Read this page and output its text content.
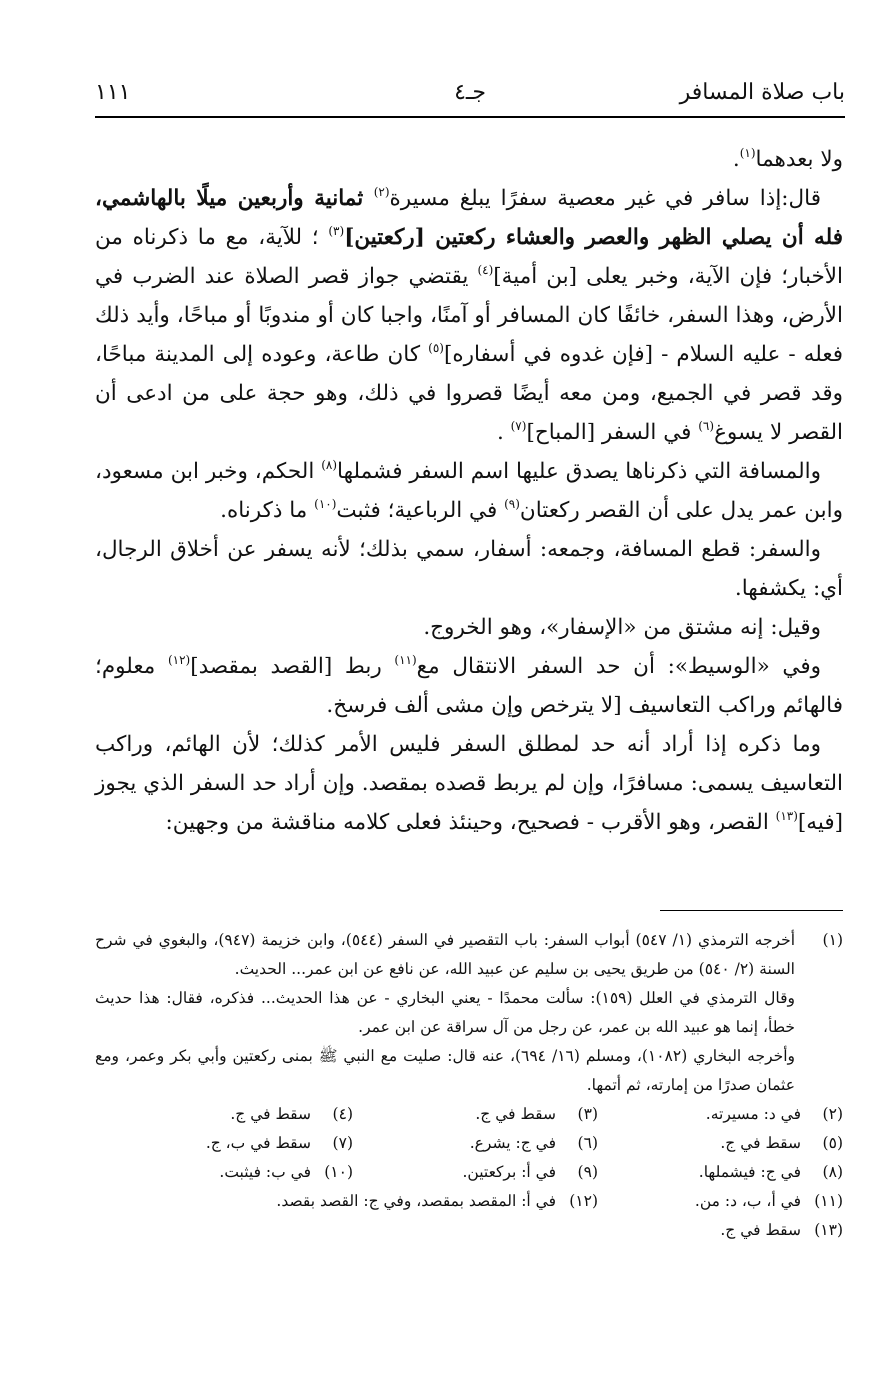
باب صلاة المسافر
جـ٤
١١١

ولا بعدهما$^{(١)}$.

قال:إذا سافر في غير معصية سفرًا يبلغ مسيرة$^{(٢)}$ ثمانية وأربعين ميلًا بالهاشمي، فله أن يصلي الظهر والعصر والعشاء ركعتين [ركعتين]$^{(٣)}$ ؛ للآية، مع ما ذكرناه من الأخبار؛ فإن الآية، وخبر يعلى [بن أمية]$^{(٤)}$ يقتضي جواز قصر الصلاة عند الضرب في الأرض، وهذا السفر، خائفًا كان المسافر أو آمنًا، واجبا كان أو مندوبًا أو مباحًا، وأيد ذلك فعله - عليه السلام - [فإن غدوه في أسفاره]$^{(٥)}$ كان طاعة، وعوده إلى المدينة مباحًا، وقد قصر في الجميع، ومن معه أيضًا قصروا في ذلك، وهو حجة على من ادعى أن القصر لا يسوغ$^{(٦)}$ في السفر [المباح]$^{(٧)}$ .

والمسافة التي ذكرناها يصدق عليها اسم السفر فشملها$^{(٨)}$ الحكم، وخبر ابن مسعود، وابن عمر يدل على أن القصر ركعتان$^{(٩)}$ في الرباعية؛ فثبت$^{(١٠)}$ ما ذكرناه.

والسفر: قطع المسافة، وجمعه: أسفار، سمي بذلك؛ لأنه يسفر عن أخلاق الرجال، أي: يكشفها.

وقيل: إنه مشتق من «الإسفار»، وهو الخروج.

وفي «الوسيط»: أن حد السفر الانتقال مع$^{(١١)}$ ربط [القصد بمقصد]$^{(١٢)}$ معلوم؛ فالهائم وراكب التعاسيف [لا يترخص وإن مشى ألف فرسخ.

وما ذكره إذا أراد أنه حد لمطلق السفر فليس الأمر كذلك؛ لأن الهائم، وراكب التعاسيف يسمى: مسافرًا، وإن لم يربط قصده بمقصد. وإن أراد حد السفر الذي يجوز [فيه]$^{(١٣)}$ القصر، وهو الأقرب - فصحيح، وحينئذ فعلى كلامه مناقشة من وجهين:

(١)

أخرجه الترمذي (١/ ٥٤٧) أبواب السفر: باب التقصير في السفر (٥٤٤)، وابن خزيمة (٩٤٧)، والبغوي في شرح السنة (٢/ ٥٤٠) من طريق يحيى بن سليم عن عبيد الله، عن نافع عن ابن عمر... الحديث.

وقال الترمذي في العلل (١٥٩): سألت محمدًا - يعني البخاري - عن هذا الحديث... فذكره، فقال: هذا حديث خطأ، إنما هو عبيد الله بن عمر، عن رجل من آل سراقة عن ابن عمر.

وأخرجه البخاري (١٠٨٢)، ومسلم (١٦/ ٦٩٤)، عنه قال: صليت مع النبي ﷺ بمنى ركعتين وأبي بكر وعمر، ومع عثمان صدرًا من إمارته، ثم أتمها.

(٢)في د: مسيرته.
(٣)سقط في ج.
(٤)سقط في ج.
(٥)سقط في ج.
(٦)في ج: يشرع.
(٧)سقط في ب، ج.
(٨)في ج: فيشملها.
(٩)في أ: بركعتين.
(١٠)في ب: فيثبت.
(١١)في أ، ب، د: من.
(١٢)في أ: المقصد بمقصد، وفي ج: القصد بقصد.
(١٣)سقط في ج.
